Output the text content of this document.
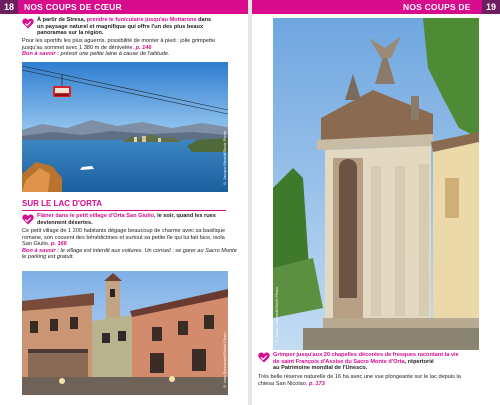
18	NOS COUPS DE CŒUR
À partir de Stresa, prendre le funiculaire jusqu'au Mottarone dans
un paysage naturel et magnifique qui offre l'un des plus beaux
panoramas sur la région.
Pour les sportifs les plus aguerris, possibilité de monter à pied : jolie grimpette
jusqu'au sommet avec 1 380 m de dénivelée. p. 146
Bon à savoir : prévoir une petite laine à cause de l'altitude.
© Jacopo Rinaldi/Stock.Photo
SUR LE LAC D'ORTA
Flâner dans le petit village d'Orta San Giulio, le soir, quand les rues
deviennent désertes.
Ce petit village de 1 200 habitants dégage beaucoup de charme avec sa basilique
romane, son couvent des bénédictines et surtout sa petite île qui lui fait face, isola
San Giulio. p. 166
Bon à savoir : le village est interdit aux voitures. Un conseil : se garer au Sacro Monte
le parking est gratuit.
© Ivan Bernardelli/Stock.Photo
19
NOS COUPS DE
© Paolo Lombardi/Stock.Photo
Grimper jusqu'aux 20 chapelles décorées de fresques racontant la vie
de saint François d'Assise du Sacro Monte d'Orta, répertorié
au Patrimoine mondial de l'Unesco.
Très belle réserve naturelle de 16 ha avec une vue plongeante sur le lac depuis la
chiesa San Nicolao. p. 173
